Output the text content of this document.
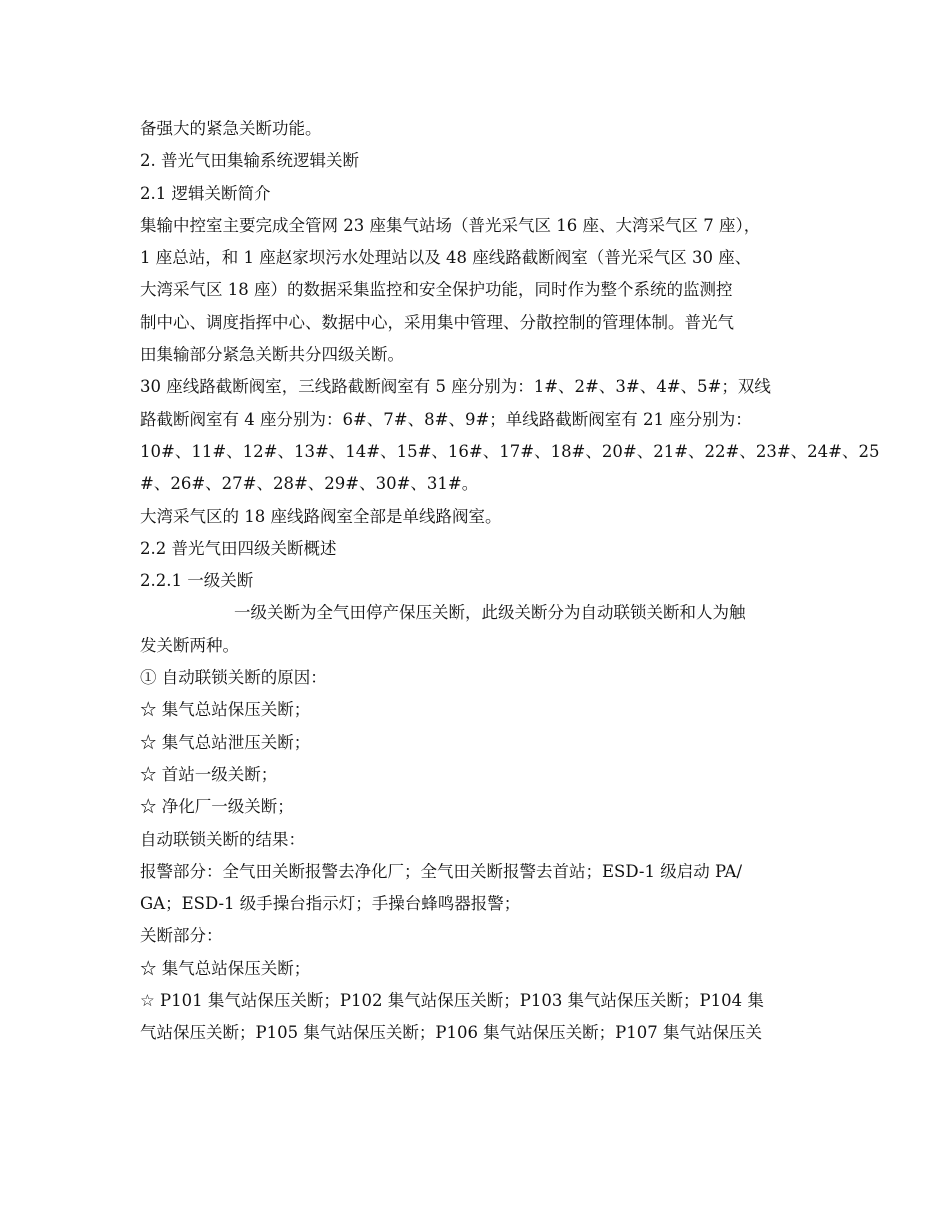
备强大的紧急关断功能。
2. 普光气田集输系统逻辑关断
2.1 逻辑关断简介
集输中控室主要完成全管网 23 座集气站场（普光采气区 16 座、大湾采气区 7 座），
1 座总站，和 1 座赵家坝污水处理站以及 48 座线路截断阀室（普光采气区 30 座、
大湾采气区 18 座）的数据采集监控和安全保护功能，同时作为整个系统的监测控
制中心、调度指挥中心、数据中心，采用集中管理、分散控制的管理体制。普光气
田集输部分紧急关断共分四级关断。
30 座线路截断阀室，三线路截断阀室有 5 座分别为：1#、2#、3#、4#、5#；双线
路截断阀室有 4 座分别为：6#、7#、8#、9#；单线路截断阀室有 21 座分别为：
10#、11#、12#、13#、14#、15#、16#、17#、18#、20#、21#、22#、23#、24#、25
#、26#、27#、28#、29#、30#、31#。
大湾采气区的 18 座线路阀室全部是单线路阀室。
2.2 普光气田四级关断概述
2.2.1 一级关断
一级关断为全气田停产保压关断，此级关断分为自动联锁关断和人为触
发关断两种。
① 自动联锁关断的原因：
☆ 集气总站保压关断；
☆ 集气总站泄压关断；
☆ 首站一级关断；
☆ 净化厂一级关断；
自动联锁关断的结果：
报警部分：全气田关断报警去净化厂；全气田关断报警去首站；ESD-1 级启动 PA/
GA；ESD-1 级手操台指示灯；手操台蜂鸣器报警；
关断部分：
☆ 集气总站保压关断；
☆ P101 集气站保压关断；P102 集气站保压关断；P103 集气站保压关断；P104 集
气站保压关断；P105 集气站保压关断；P106 集气站保压关断；P107 集气站保压关
